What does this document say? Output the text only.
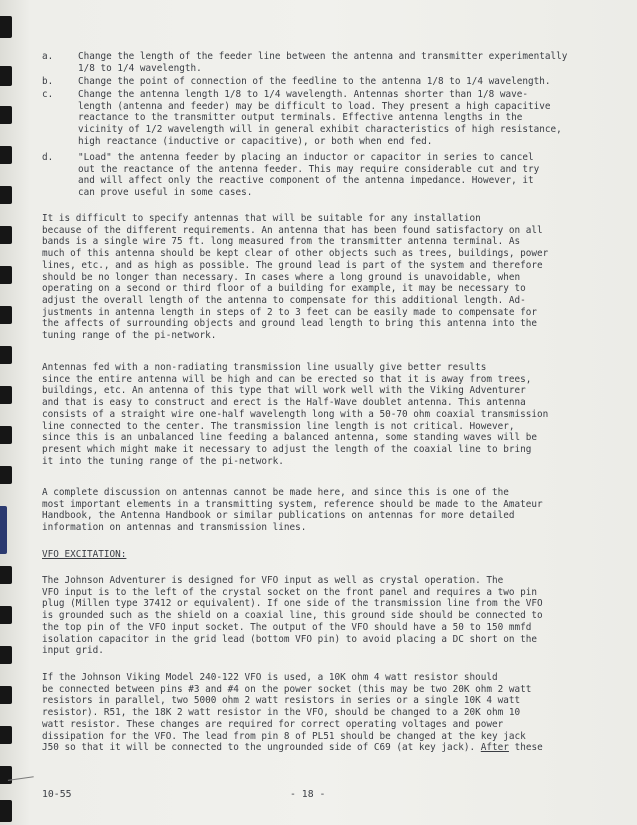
a.	Change the length of the feeder line between the antenna and transmitter experimentally
1/8 to 1/4 wavelength.
b.	Change the point of connection of the feedline to the antenna 1/8 to 1/4 wavelength.
c.	Change the antenna length 1/8 to 1/4 wavelength. Antennas shorter than 1/8 wave-
length (antenna and feeder) may be difficult to load. They present a high capacitive
reactance to the transmitter output terminals. Effective antenna lengths in the
vicinity of 1/2 wavelength will in general exhibit characteristics of high resistance,
high reactance (inductive or capacitive), or both when end fed.
d.	"Load" the antenna feeder by placing an inductor or capacitor in series to cancel
out the reactance of the antenna feeder. This may require considerable cut and try
and will affect only the reactive component of the antenna impedance. However, it
can prove useful in some cases.
It is difficult to specify antennas that will be suitable for any installation
because of the different requirements. An antenna that has been found satisfactory on all
bands is a single wire 75 ft. long measured from the transmitter antenna terminal. As
much of this antenna should be kept clear of other objects such as trees, buildings, power
lines, etc., and as high as possible. The ground lead is part of the system and therefore
should be no longer than necessary. In cases where a long ground is unavoidable, when
operating on a second or third floor of a building for example, it may be necessary to
adjust the overall length of the antenna to compensate for this additional length. Ad-
justments in antenna length in steps of 2 to 3 feet can be easily made to compensate for
the affects of surrounding objects and ground lead length to bring this antenna into the
tuning range of the pi-network.
Antennas fed with a non-radiating transmission line usually give better results
since the entire antenna will be high and can be erected so that it is away from trees,
buildings, etc. An antenna of this type that will work well with the Viking Adventurer
and that is easy to construct and erect is the Half-Wave doublet antenna. This antenna
consists of a straight wire one-half wavelength long with a 50-70 ohm coaxial transmission
line connected to the center. The transmission line length is not critical. However,
since this is an unbalanced line feeding a balanced antenna, some standing waves will be
present which might make it necessary to adjust the length of the coaxial line to bring
it into the tuning range of the pi-network.
A complete discussion on antennas cannot be made here, and since this is one of the
most important elements in a transmitting system, reference should be made to the Amateur
Handbook, the Antenna Handbook or similar publications on antennas for more detailed
information on antennas and transmission lines.
VFO EXCITATION:
The Johnson Adventurer is designed for VFO input as well as crystal operation. The
VFO input is to the left of the crystal socket on the front panel and requires a two pin
plug (Millen type 37412 or equivalent). If one side of the transmission line from the VFO
is grounded such as the shield on a coaxial line, this ground side should be connected to
the top pin of the VFO input socket. The output of the VFO should have a 50 to 150 mmfd
isolation capacitor in the grid lead (bottom VFO pin) to avoid placing a DC short on the
input grid.
If the Johnson Viking Model 240-122 VFO is used, a 10K ohm 4 watt resistor should
be connected between pins #3 and #4 on the power socket (this may be two 20K ohm 2 watt
resistors in parallel, two 5000 ohm 2 watt resistors in series or a single 10K 4 watt
resistor). R51, the 18K 2 watt resistor in the VFO, should be changed to a 20K ohm 10
watt resistor. These changes are required for correct operating voltages and power
dissipation for the VFO. The lead from pin 8 of PL51 should be changed at the key jack
J50 so that it will be connected to the ungrounded side of C69 (at key jack). After these
10-55	- 18 -
